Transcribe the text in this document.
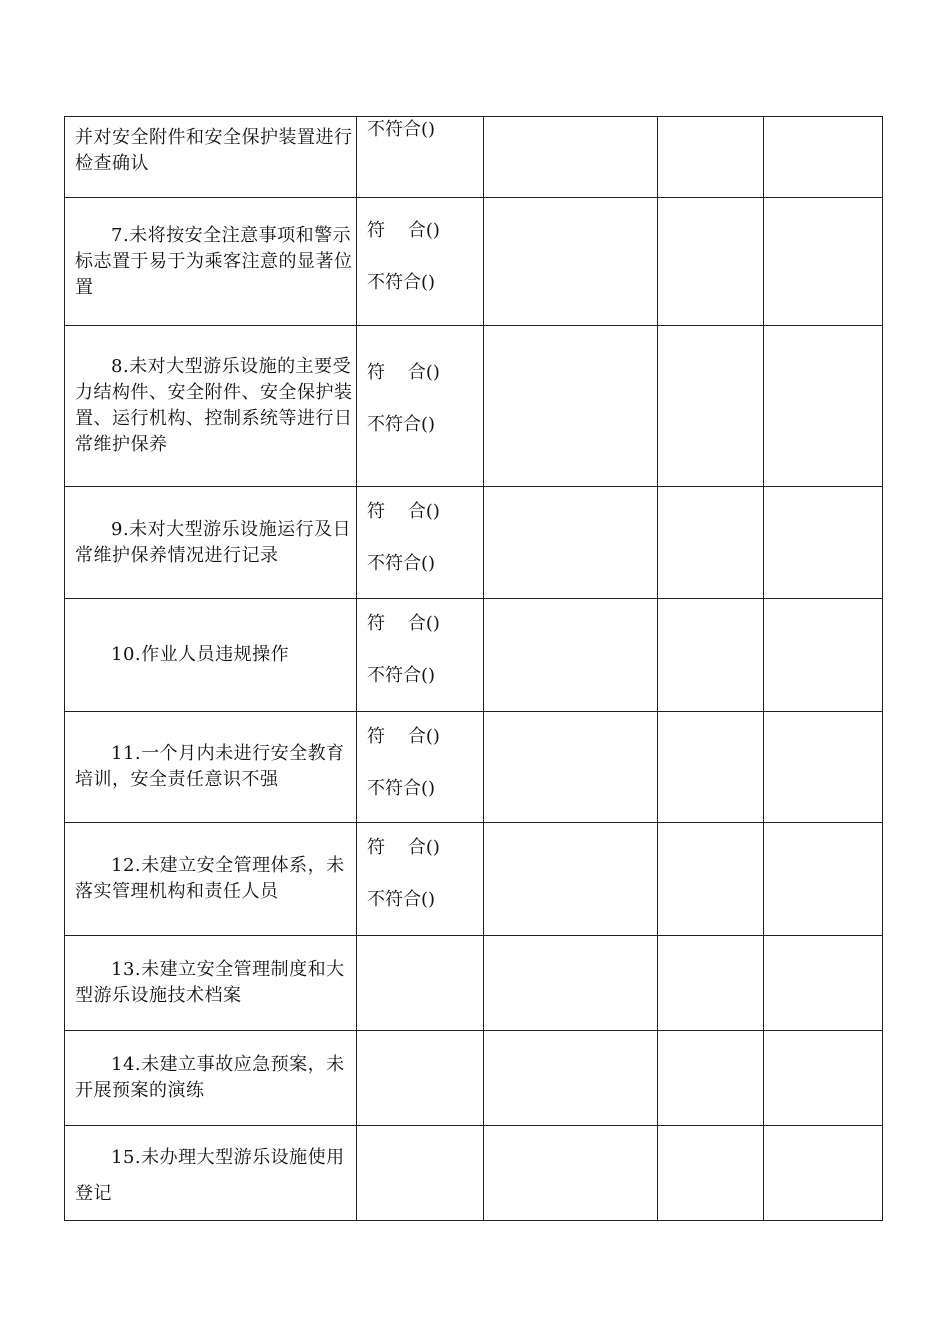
并对安全附件和安全保护装置进行检查确认	不符合()			

7.未将按安全注意事项和警示标志置于易于为乘客注意的显著位置	符    合()
不符合()			

8.未对大型游乐设施的主要受力结构件、安全附件、安全保护装置、运行机构、控制系统等进行日常维护保养	符    合()
不符合()			

9.未对大型游乐设施运行及日常维护保养情况进行记录	符    合()
不符合()			

10.作业人员违规操作	符    合()
不符合()			

11.一个月内未进行安全教育培训，安全责任意识不强	符    合()
不符合()			

12.未建立安全管理体系，未落实管理机构和责任人员	符    合()
不符合()			

13.未建立安全管理制度和大型游乐设施技术档案				

14.未建立事故应急预案，未开展预案的演练				

15.未办理大型游乐设施使用登记				
